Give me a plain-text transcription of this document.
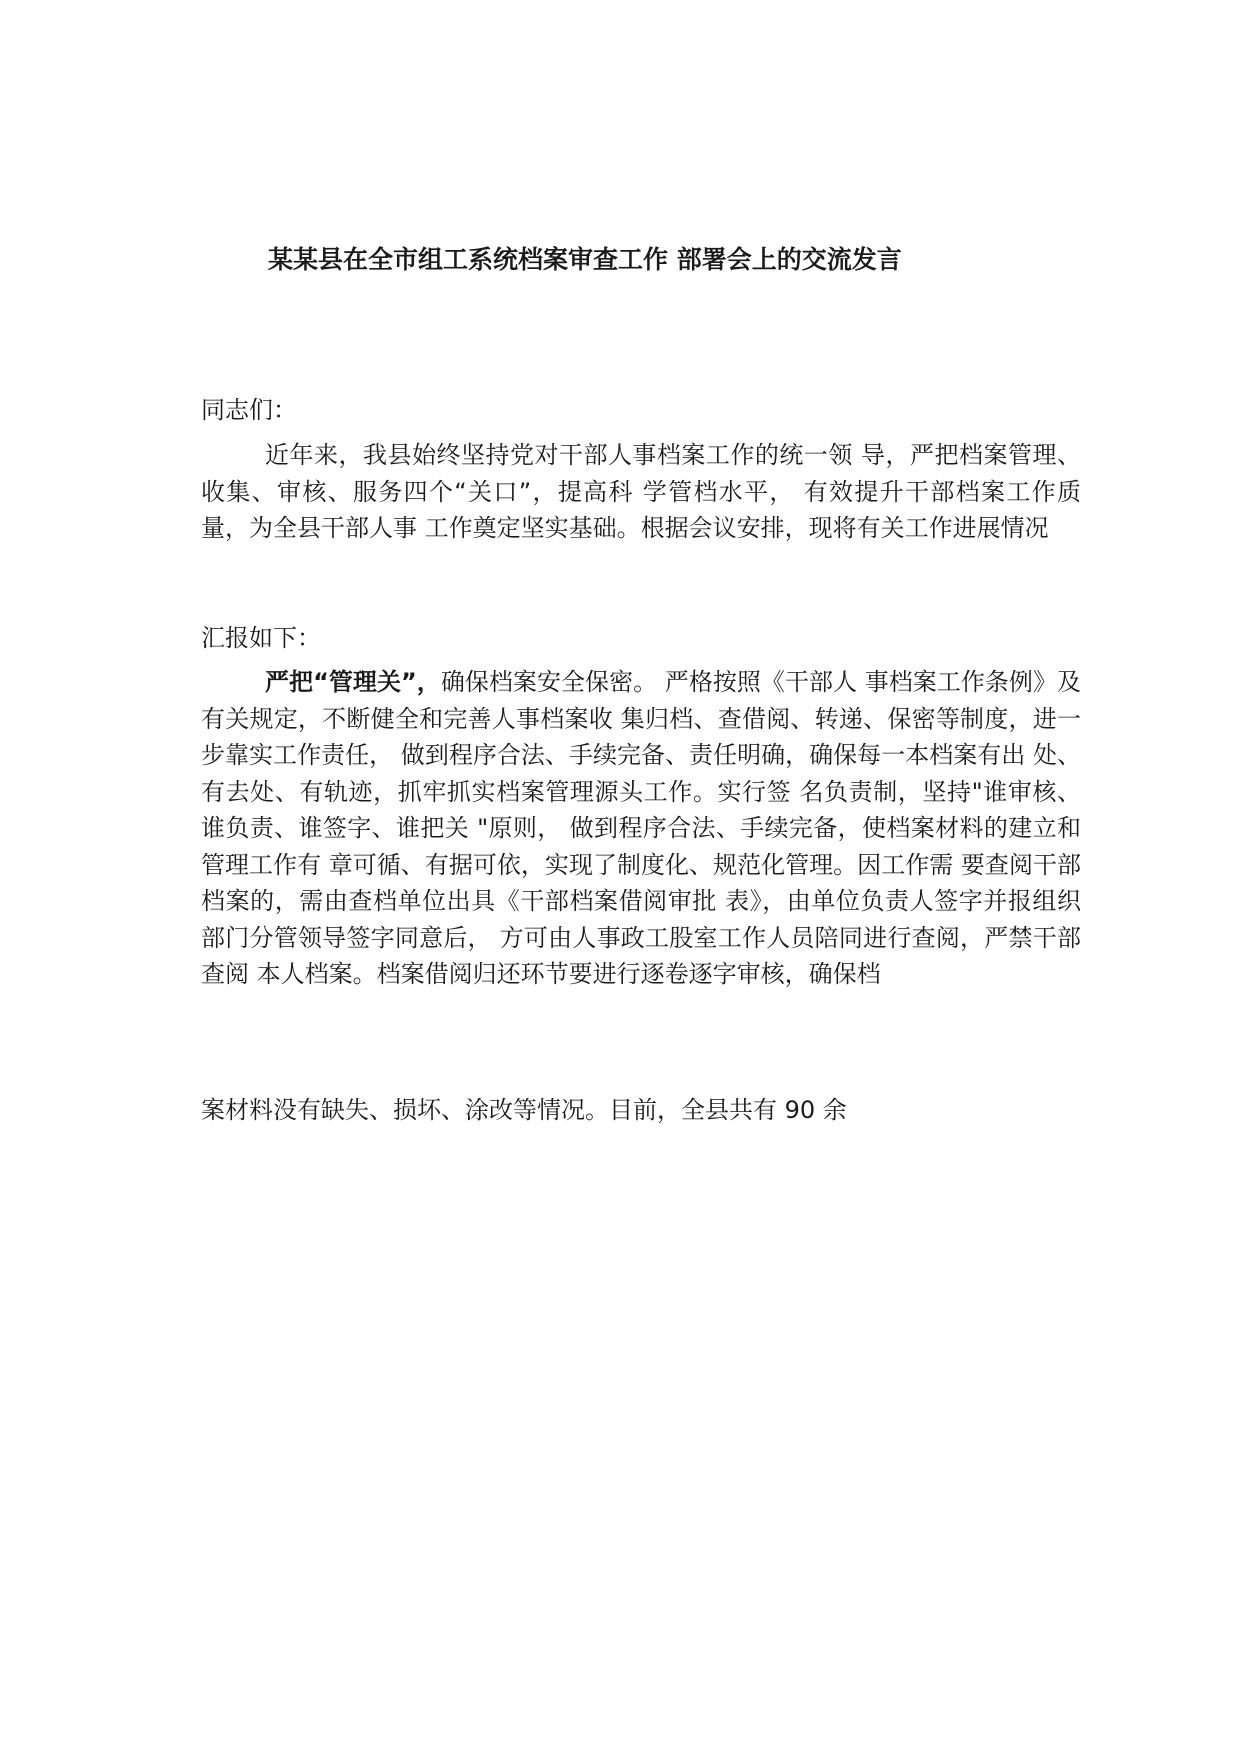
某某县在全市组工系统档案审查工作 部署会上的交流发言
同志们：
近年来，我县始终坚持党对干部人事档案工作的统一领 导，严把档案管理、收集、审核、服务四个“关口”，提高科 学管档水平， 有效提升干部档案工作质量，为全县干部人事 工作奠定坚实基础。根据会议安排，现将有关工作进展情况
汇报如下：
严把“管理关”，确保档案安全保密。 严格按照《干部人 事档案工作条例》及有关规定，不断健全和完善人事档案收 集归档、查借阅、转递、保密等制度，进一步靠实工作责任， 做到程序合法、手续完备、责任明确，确保每一本档案有出 处、有去处、有轨迹，抓牢抓实档案管理源头工作。实行签 名负责制，坚持"谁审核、谁负责、谁签字、谁把关 "原则， 做到程序合法、手续完备，使档案材料的建立和管理工作有 章可循、有据可依，实现了制度化、规范化管理。因工作需 要查阅干部档案的，需由查档单位出具《干部档案借阅审批 表》，由单位负责人签字并报组织部门分管领导签字同意后， 方可由人事政工股室工作人员陪同进行查阅，严禁干部查阅 本人档案。档案借阅归还环节要进行逐卷逐字审核，确保档
案材料没有缺失、损坏、涂改等情况。目前，全县共有 90 余
